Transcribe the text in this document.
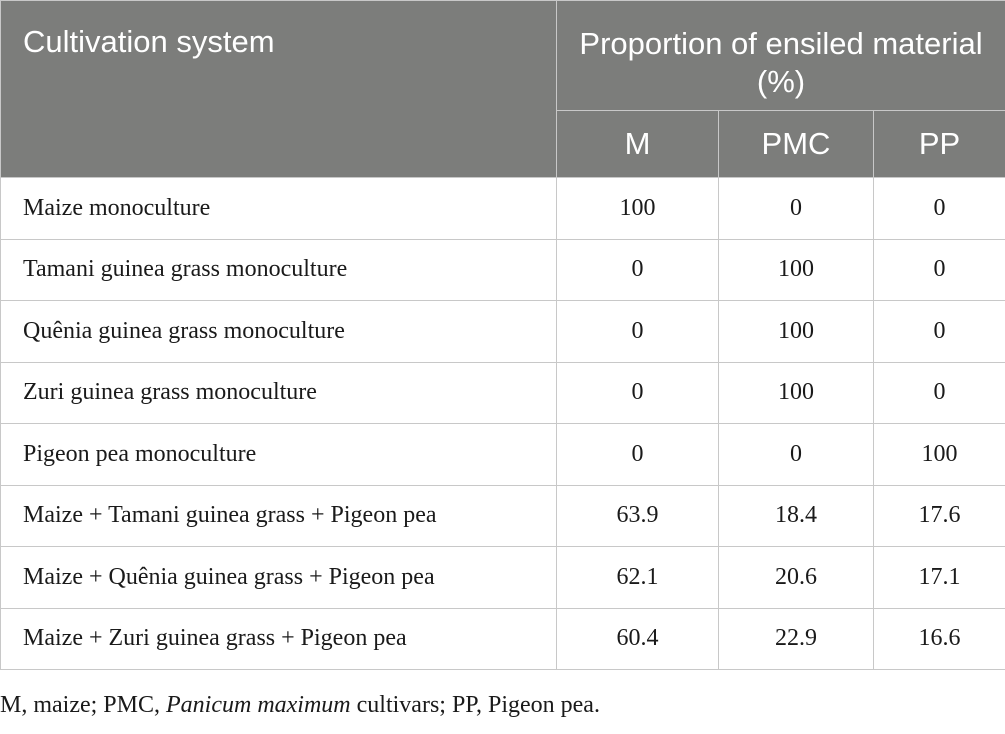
Cultivation system	Proportion of ensiled material (%)		
	M	PMC	PP
Maize monoculture	100	0	0
Tamani guinea grass monoculture	0	100	0
Quênia guinea grass monoculture	0	100	0
Zuri guinea grass monoculture	0	100	0
Pigeon pea monoculture	0	0	100
Maize + Tamani guinea grass + Pigeon pea	63.9	18.4	17.6
Maize + Quênia guinea grass + Pigeon pea	62.1	20.6	17.1
Maize + Zuri guinea grass + Pigeon pea	60.4	22.9	16.6
M, maize; PMC, Panicum maximum cultivars; PP, Pigeon pea.
